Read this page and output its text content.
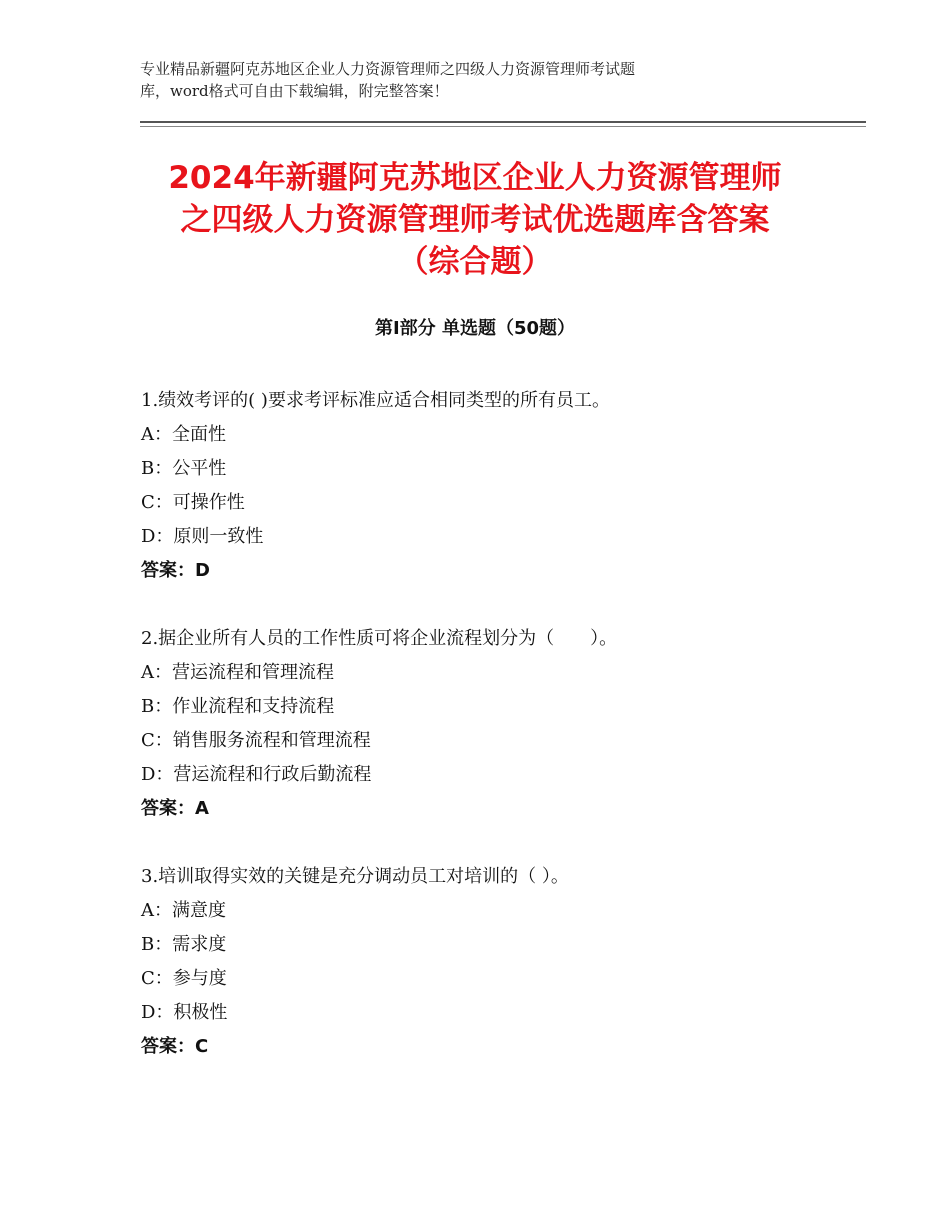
专业精品新疆阿克苏地区企业人力资源管理师之四级人力资源管理师考试题
库，word格式可自由下载编辑，附完整答案！
2024年新疆阿克苏地区企业人力资源管理师
之四级人力资源管理师考试优选题库含答案
（综合题）
第Ⅰ部分 单选题（50题）
1.绩效考评的( )要求考评标准应适合相同类型的所有员工。
A：全面性
B：公平性
C：可操作性
D：原则一致性
答案：D
2.据企业所有人员的工作性质可将企业流程划分为（　　）。
A：营运流程和管理流程
B：作业流程和支持流程
C：销售服务流程和管理流程
D：营运流程和行政后勤流程
答案：A
3.培训取得实效的关键是充分调动员工对培训的（ ）。
A：满意度
B：需求度
C：参与度
D：积极性
答案：C
